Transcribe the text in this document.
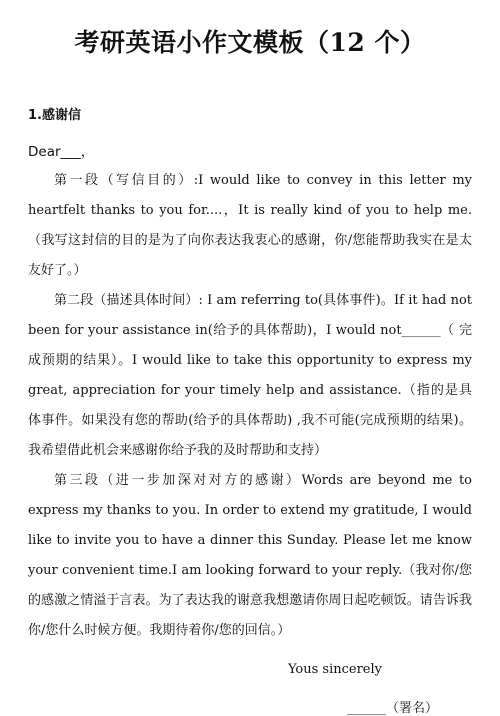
考研英语小作文模板（12 个）
1.感谢信
Dear___，

第一段（写信目的）:I would like to convey in this letter my heartfelt thanks to you for....，It is really kind of you to help me. （我写这封信的目的是为了向你表达我衷心的感谢，你/您能帮助我实在是太友好了。）

第二段（描述具体时间）: I am referring to(具体事件)。If it had not been for your assistance in(给予的具体帮助)，I would not______（ 完成预期的结果）。I would like to take this opportunity to express my great, appreciation for your timely help and assistance.（指的是具体事件。如果没有您的帮助(给予的具体帮助) ,我不可能(完成预期的结果)。我希望借此机会来感谢你给予我的及时帮助和支持）

第三段（进一步加深对对方的感谢）Words are beyond me to express my thanks to you. In order to extend my gratitude, I would like to invite you to have a dinner this Sunday. Please let me know your convenient time.I am looking forward to your reply.（我对你/您的感激之情溢于言表。为了表达我的谢意我想邀请你周日起吃顿饭。请告诉我你/您什么时候方便。我期待着你/您的回信。）

Yous sincerely
______（署名）
